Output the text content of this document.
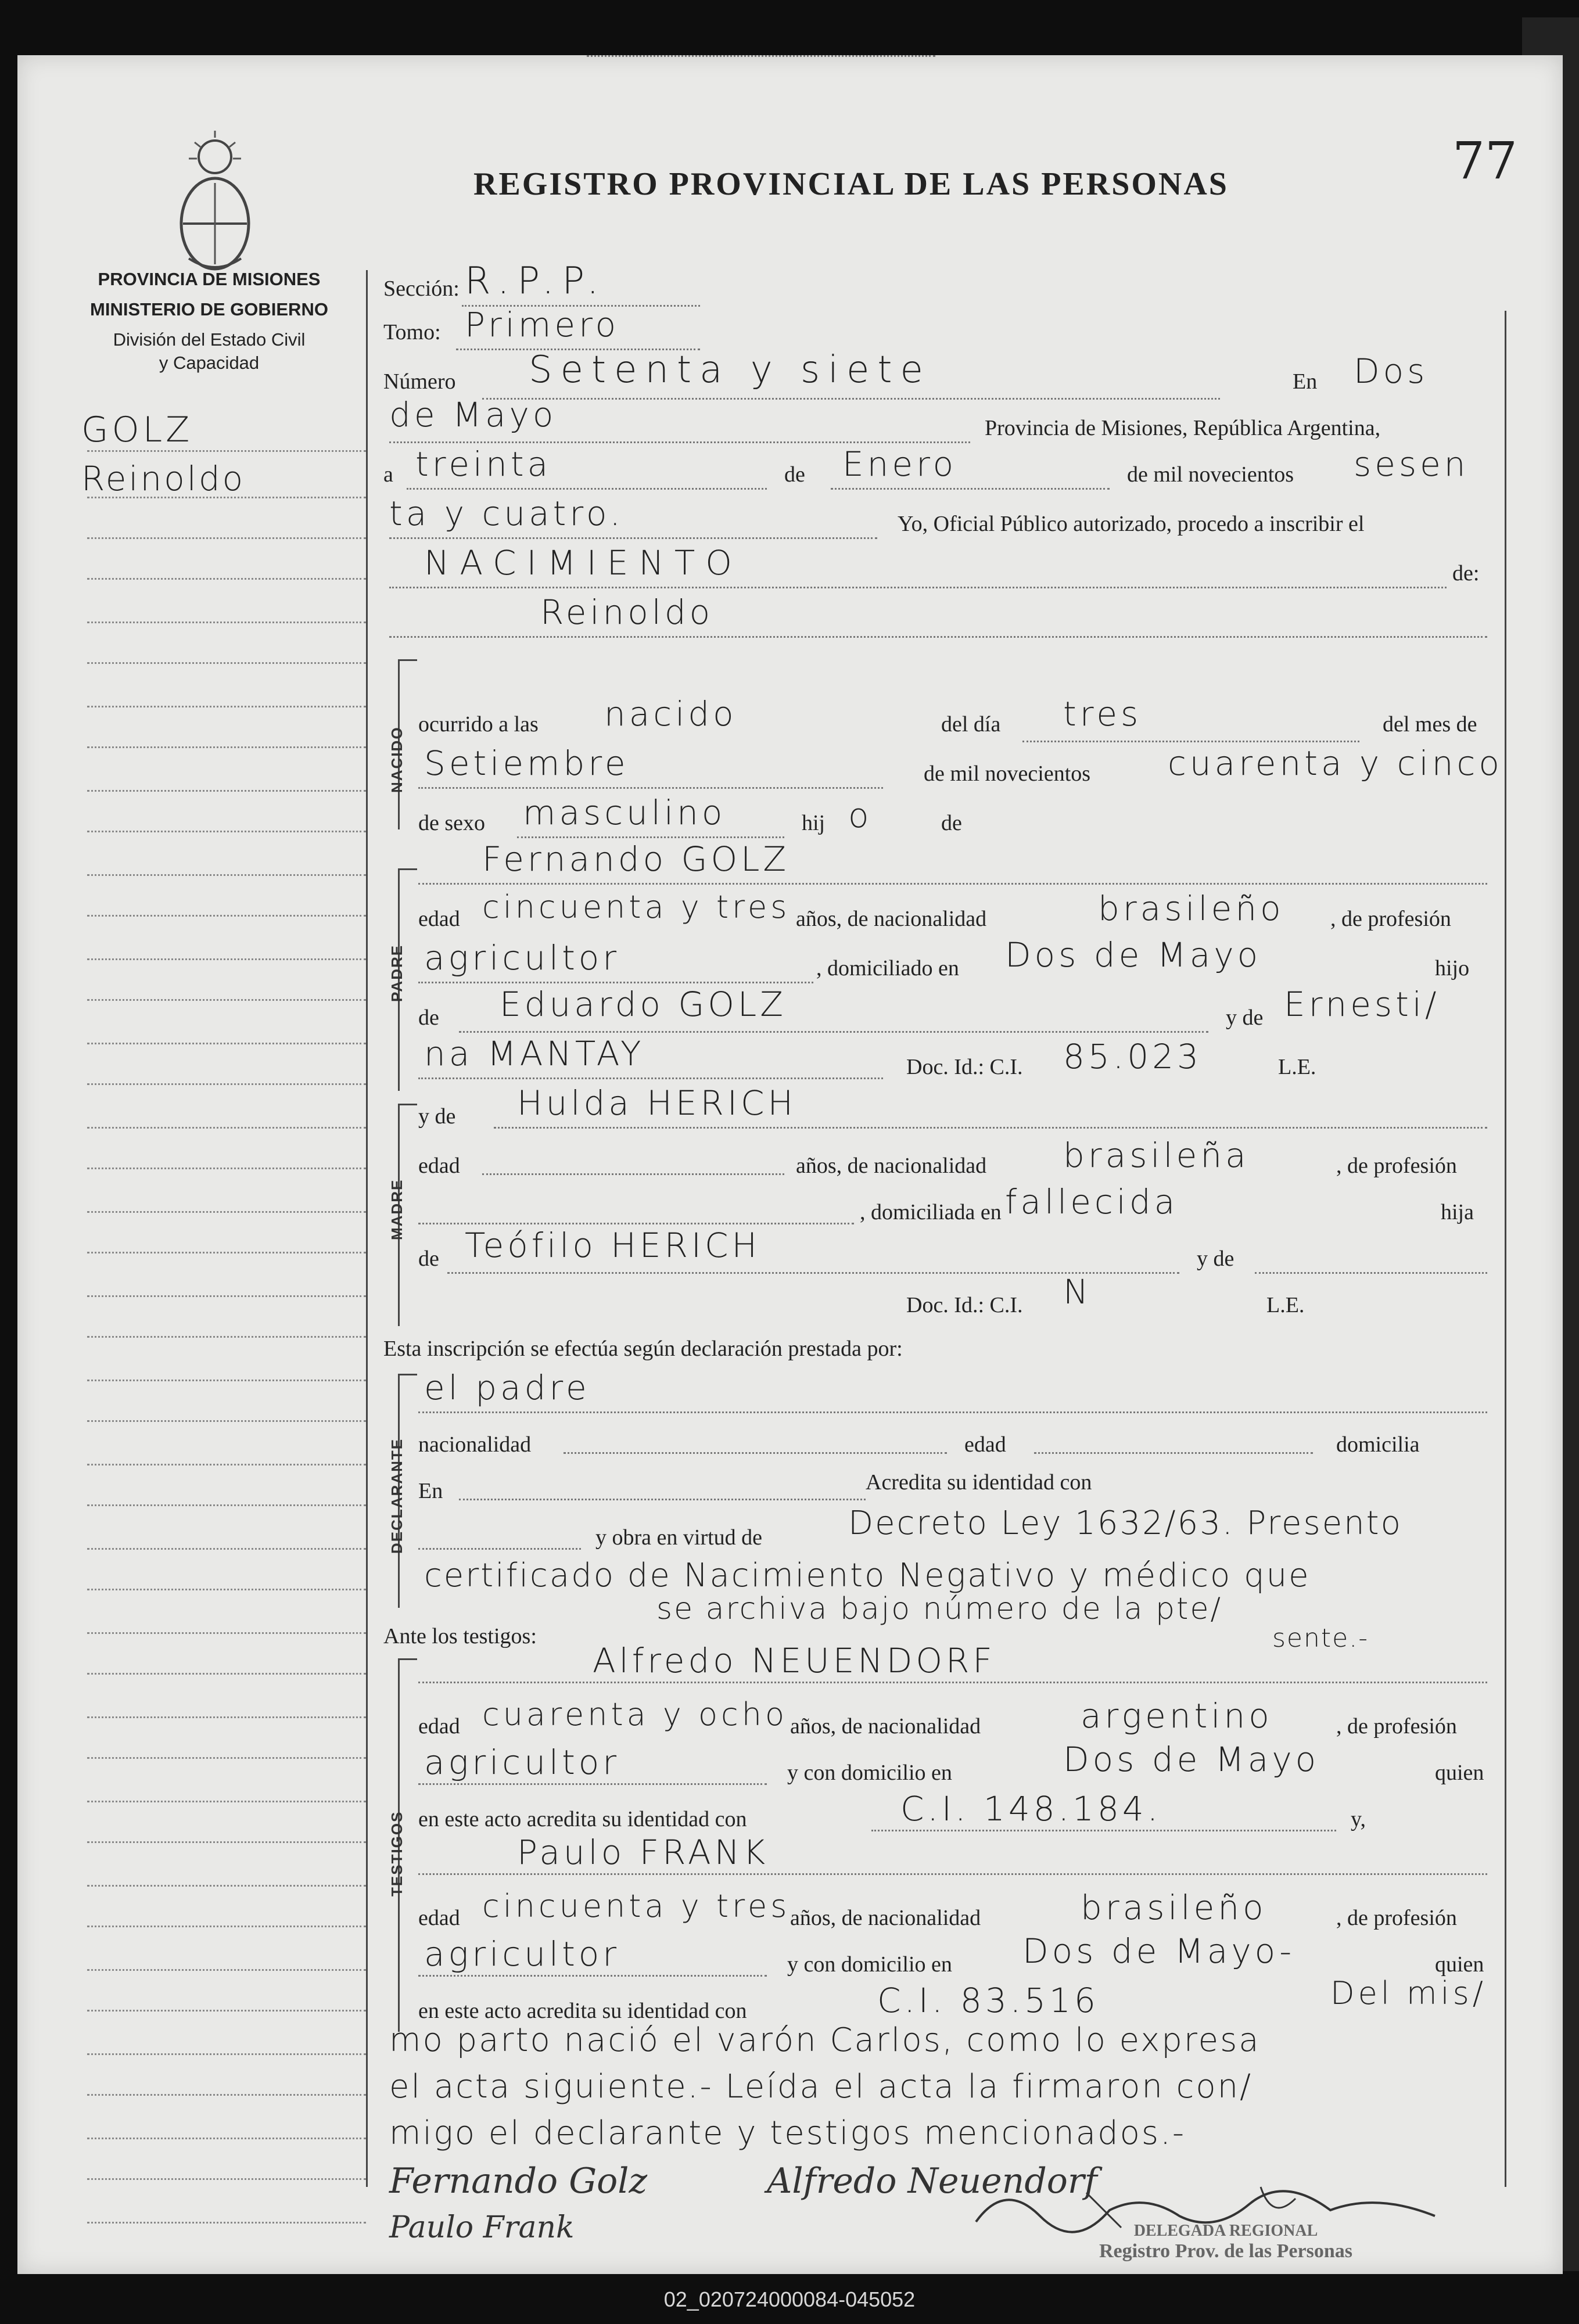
REGISTRO PROVINCIAL DE LAS PERSONAS	77
PROVINCIA DE MISIONES
MINISTERIO DE GOBIERNO
División del Estado Civil
y Capacidad
GOLZ
Reinoldo
Sección: R.P.P.
Tomo: Primero
Número Setenta y siete	En Dos
de Mayo	Provincia de Misiones, República Argentina,
a treinta	de Enero	de mil novecientos sesen
ta y cuatro.	Yo, Oficial Público autorizado, procedo a inscribir el
NACIMIENTO	de:
Reinoldo
NACIDO
ocurrido a las nacido	del día tres	del mes de
Setiembre	de mil novecientos cuarenta y cinco
de sexo masculino	hij o	de
PADRE
Fernando GOLZ
edad cincuenta y tres años, de nacionalidad	brasileño , de profesión
agricultor	, domiciliado en Dos de Mayo	hijo
de Eduardo GOLZ	y de Ernesti/
na MANTAY	Doc. Id.: C.I. 85.023	L.E.
MADRE
y de Hulda HERICH
edad	años, de nacionalidad brasileña	, de profesión
, domiciliada en fallecida	hija
de Teófilo HERICH	y de
Doc. Id.: C.I. N	L.E.
Esta inscripción se efectúa según declaración prestada por:
DECLARANTE
el padre
nacionalidad	edad	domicilia
En	Acredita su identidad con
y obra en virtud de	Decreto Ley 1632/63. Presento
certificado de Nacimiento Negativo y médico que
se archiva bajo número de la pte/
sente.-
Ante los testigos:
TESTIGOS
Alfredo NEUENDORF
edad cuarenta y ocho años, de nacionalidad	argentino	, de profesión
agricultor	y con domicilio en	Dos de Mayo	quien
en este acto acredita su identidad con	C.I. 148.184.	y,
Paulo FRANK
edad cincuenta y tres años, de nacionalidad	brasileño	, de profesión
agricultor	y con domicilio en Dos de Mayo-	quien
en este acto acredita su identidad con	C.I. 83.516	Del mis/
mo parto nació el varón Carlos, como lo expresa
el acta siguiente.- Leída el acta la firmaron con/
migo el declarante y testigos mencionados.-
Fernando Golz	Alfredo Neuendorf
Paulo Frank	DELEGADA REGIONAL
Registro Prov. de las Personas
02_020724000084-045052
